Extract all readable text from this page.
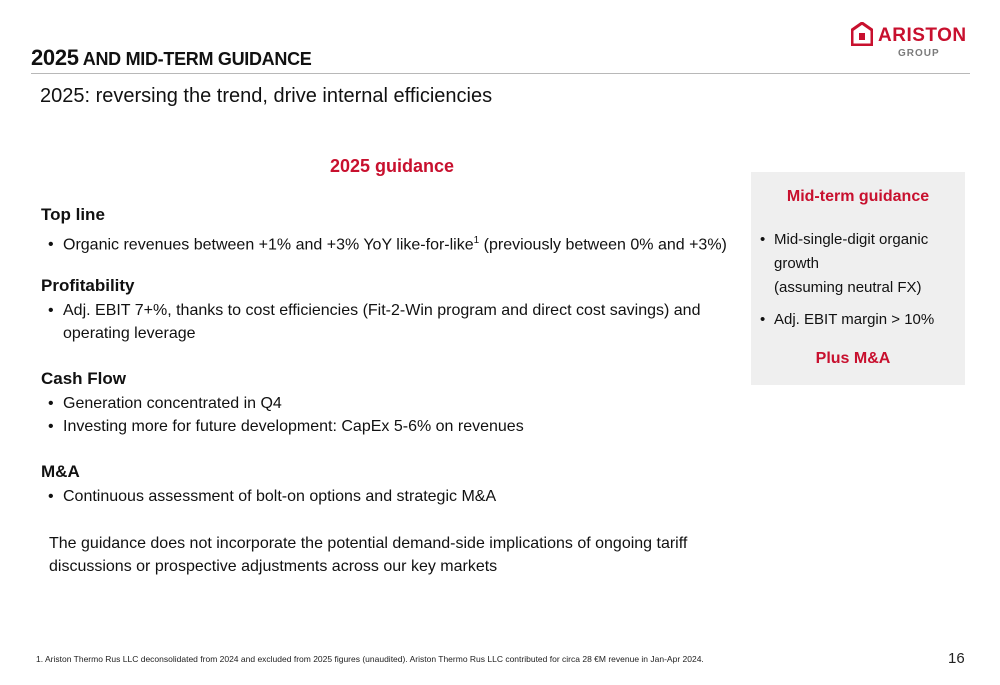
2025 AND MID-TERM GUIDANCE
ARISTON
GROUP
2025: reversing the trend, drive internal efficiencies
2025 guidance
Top line
• Organic revenues between +1% and +3% YoY like-for-like$^1$ (previously between 0% and +3%)
Profitability
• Adj. EBIT 7+%, thanks to cost efficiencies (Fit-2-Win program and direct cost savings) and
operating leverage
Cash Flow
• Generation concentrated in Q4
• Investing more for future development: CapEx 5-6% on revenues
M&A
• Continuous assessment of bolt-on options and strategic M&A
The guidance does not incorporate the potential demand-side implications of ongoing tariff
discussions or prospective adjustments across our key markets
Mid-term guidance
• Mid-single-digit organic
growth
(assuming neutral FX)
• Adj. EBIT margin > 10%
Plus M&A
1. Ariston Thermo Rus LLC deconsolidated from 2024 and excluded from 2025 figures (unaudited). Ariston Thermo Rus LLC contributed for circa 28 €M revenue in Jan-Apr 2024.	16
